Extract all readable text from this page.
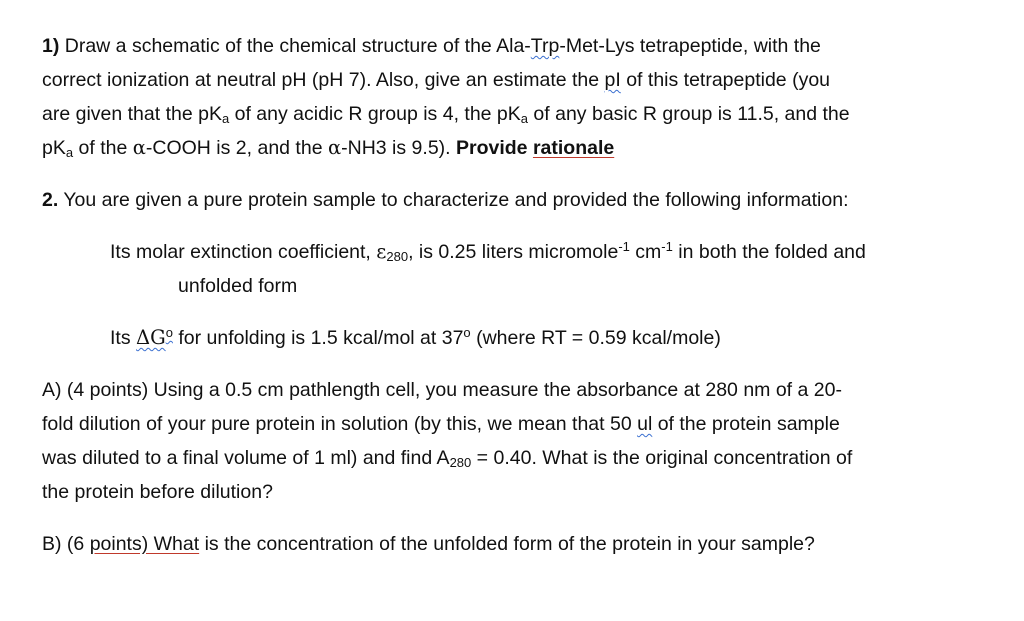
1) Draw a schematic of the chemical structure of the Ala-Trp-Met-Lys tetrapeptide, with the
correct ionization at neutral pH (pH 7). Also, give an estimate the pI of this tetrapeptide (you
are given that the $pK_a$ of any acidic R group is 4, the $pK_a$ of any basic R group is 11.5, and the
$pK_a$ of the α-COOH is 2, and the α-NH3 is 9.5). Provide rationale
2. You are given a pure protein sample to characterize and provided the following information:
Its molar extinction coefficient, $\varepsilon_{280}$, is 0.25 liters micromole$^{-1}$ $cm^{-1}$ in both the folded and
unfolded form
Its $\Delta G^o$ for unfolding is 1.5 kcal/mol at 37$^o$ (where RT = 0.59 kcal/mole)
A) (4 points) Using a 0.5 cm pathlength cell, you measure the absorbance at 280 nm of a 20-
fold dilution of your pure protein in solution (by this, we mean that 50 ul of the protein sample
was diluted to a final volume of 1 ml) and find $A_{280} = 0.40$. What is the original concentration of
the protein before dilution?
B) (6 points) What is the concentration of the unfolded form of the protein in your sample?
